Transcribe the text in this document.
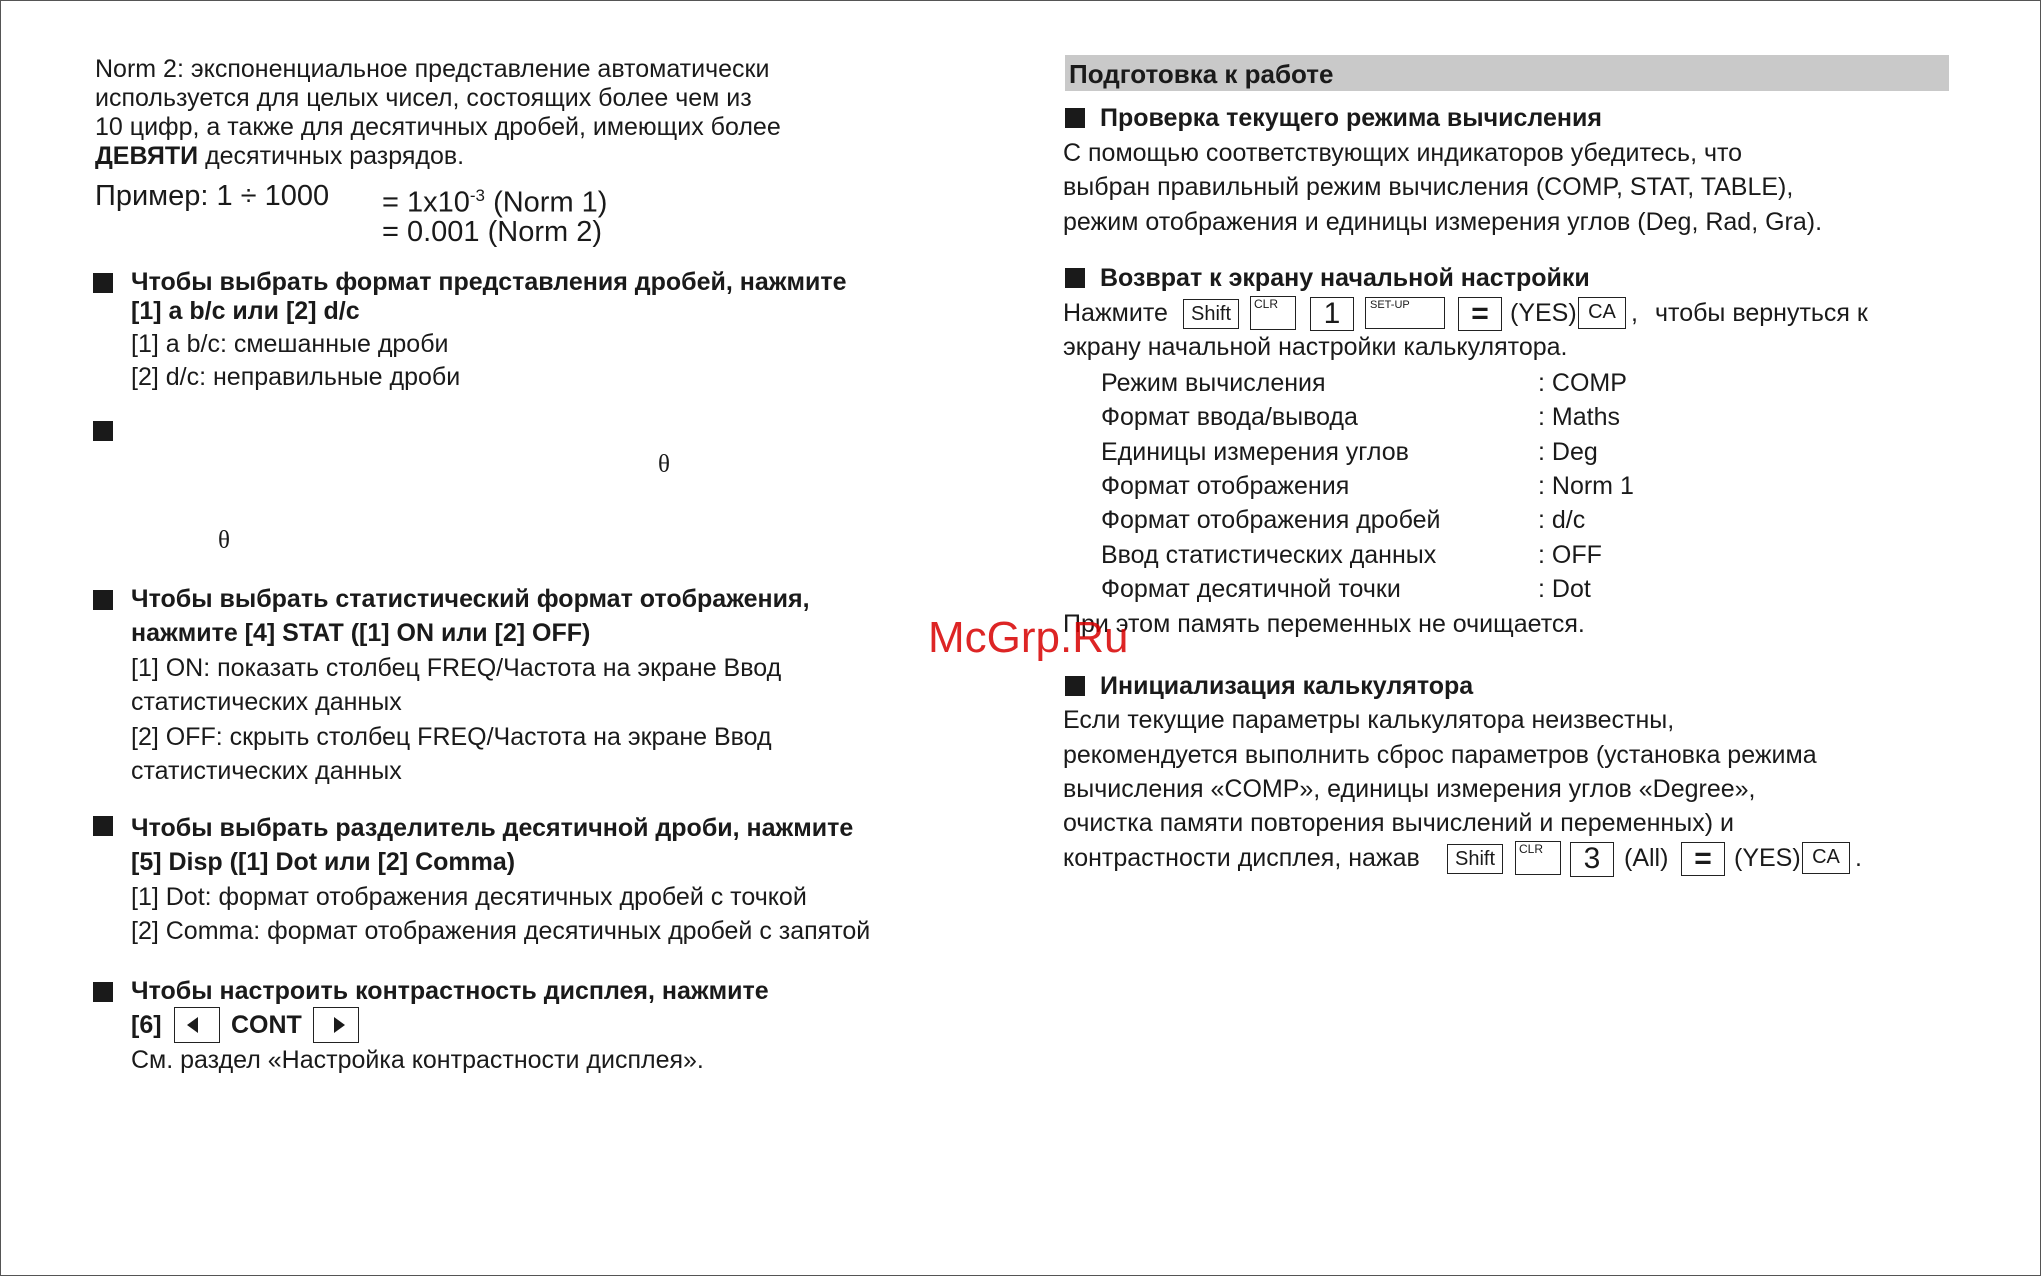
Norm 2: экспоненциальное представление автоматически
используется для целых чисел, состоящих более чем из
10 цифр, а также для десятичных дробей, имеющих более
ДЕВЯТИ десятичных разрядов.
Пример: $1 \div 1000 = 1x10^{-3}$ (Norm 1)
= 0.001 (Norm 2)
Чтобы выбрать формат представления дробей, нажмите
[1] a b/c или [2] d/c
[1] a b/c: смешанные дроби
[2] d/c: неправильные дроби
θ
θ
Чтобы выбрать статистический формат отображения,
нажмите [4] STAT ([1] ON или [2] OFF)
[1] ON: показать столбец FREQ/Частота на экране Ввод
статистических данных
[2] OFF: скрыть столбец FREQ/Частота на экране Ввод
статистических данных
Чтобы выбрать разделитель десятичной дроби, нажмите
[5] Disp ([1] Dot или [2] Comma)
[1] Dot: формат отображения десятичных дробей с точкой
[2] Comma: формат отображения десятичных дробей с запятой
Чтобы настроить контрастность дисплея, нажмите
[6]	CONT
См. раздел «Настройка контрастности дисплея».
Подготовка к работе
Проверка текущего режима вычисления
С помощью соответствующих индикаторов убедитесь, что
выбран правильный режим вычисления (COMP, STAT, TABLE),
режим отображения и единицы измерения углов (Deg, Rad, Gra).
Возврат к экрану начальной настройки
Нажмите	Shift	CLR	1	SET-UP	= (YES) CA , чтобы вернуться к
экрану начальной настройки калькулятора.
Режим вычисления	: COMP
Формат ввода/вывода	: Maths
Единицы измерения углов	: Deg
Формат отображения	: Norm 1
Формат отображения дробей	: d/c
Ввод статистических данных	: OFF
Формат десятичной точки	: Dot
При этом память переменных не очищается.
Инициализация калькулятора
Если текущие параметры калькулятора неизвестны,
рекомендуется выполнить сброс параметров (установка режима
вычисления «COMP», единицы измерения углов «Degree»,
очистка памяти повторения вычислений и переменных) и
контрастности дисплея, нажав	Shift	CLR	3 (All) = (YES) CA .
McGrp.Ru
